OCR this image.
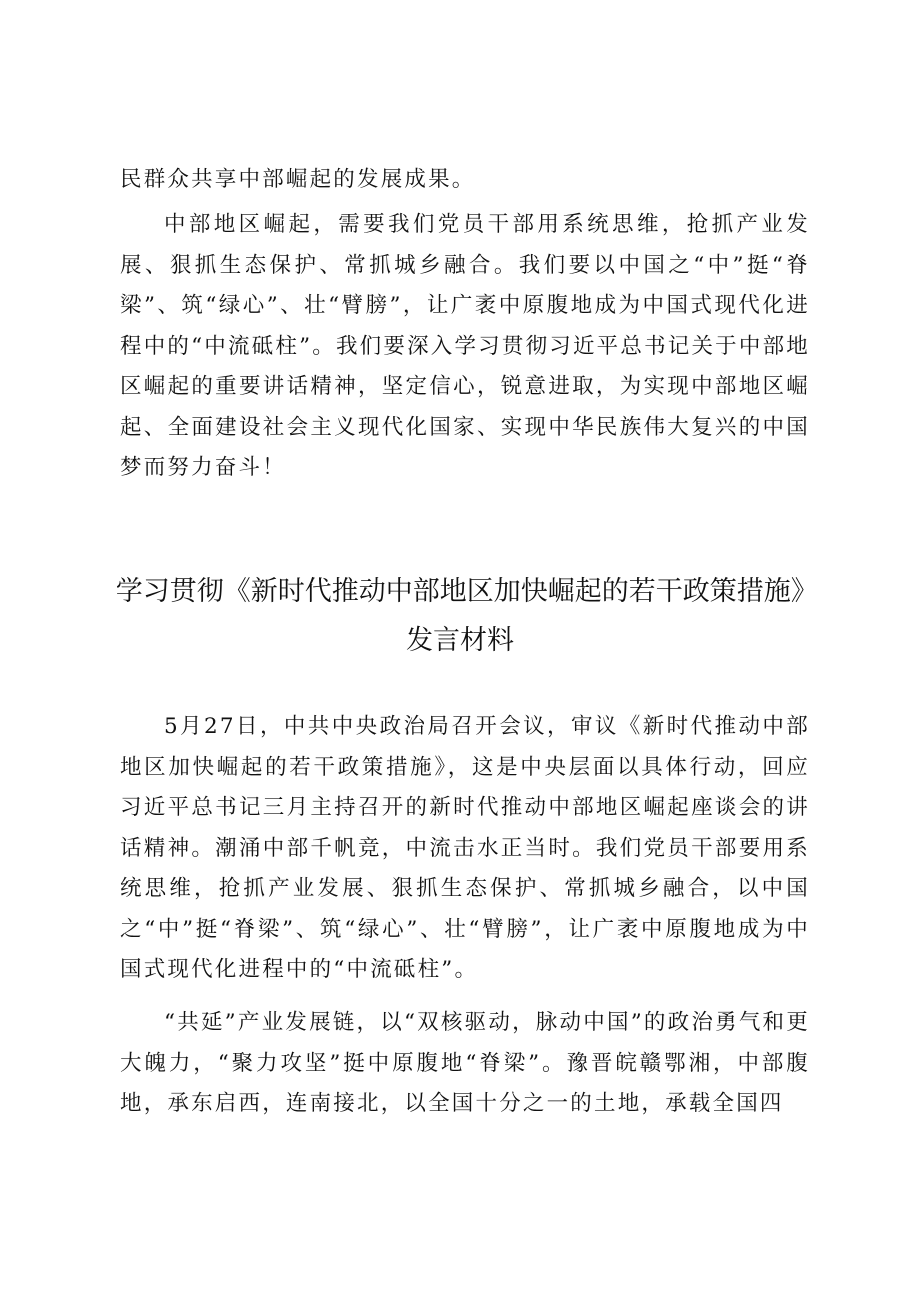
民群众共享中部崛起的发展成果。

中部地区崛起，需要我们党员干部用系统思维，抢抓产业发展、狠抓生态保护、常抓城乡融合。我们要以中国之“中”挺“脊梁”、筑“绿心”、壮“臂膀”，让广袤中原腹地成为中国式现代化进程中的“中流砥柱”。我们要深入学习贯彻习近平总书记关于中部地区崛起的重要讲话精神，坚定信心，锐意进取，为实现中部地区崛起、全面建设社会主义现代化国家、实现中华民族伟大复兴的中国梦而努力奋斗！

学习贯彻《新时代推动中部地区加快崛起的若干政策措施》发言材料

5月27日，中共中央政治局召开会议，审议《新时代推动中部地区加快崛起的若干政策措施》，这是中央层面以具体行动，回应习近平总书记三月主持召开的新时代推动中部地区崛起座谈会的讲话精神。潮涌中部千帆竞，中流击水正当时。我们党员干部要用系统思维，抢抓产业发展、狠抓生态保护、常抓城乡融合，以中国之“中”挺“脊梁”、筑“绿心”、壮“臂膀”，让广袤中原腹地成为中国式现代化进程中的“中流砥柱”。

“共延”产业发展链，以“双核驱动，脉动中国”的政治勇气和更大魄力，“聚力攻坚”挺中原腹地“脊梁”。豫晋皖赣鄂湘，中部腹地，承东启西，连南接北，以全国十分之一的土地，承载全国四
